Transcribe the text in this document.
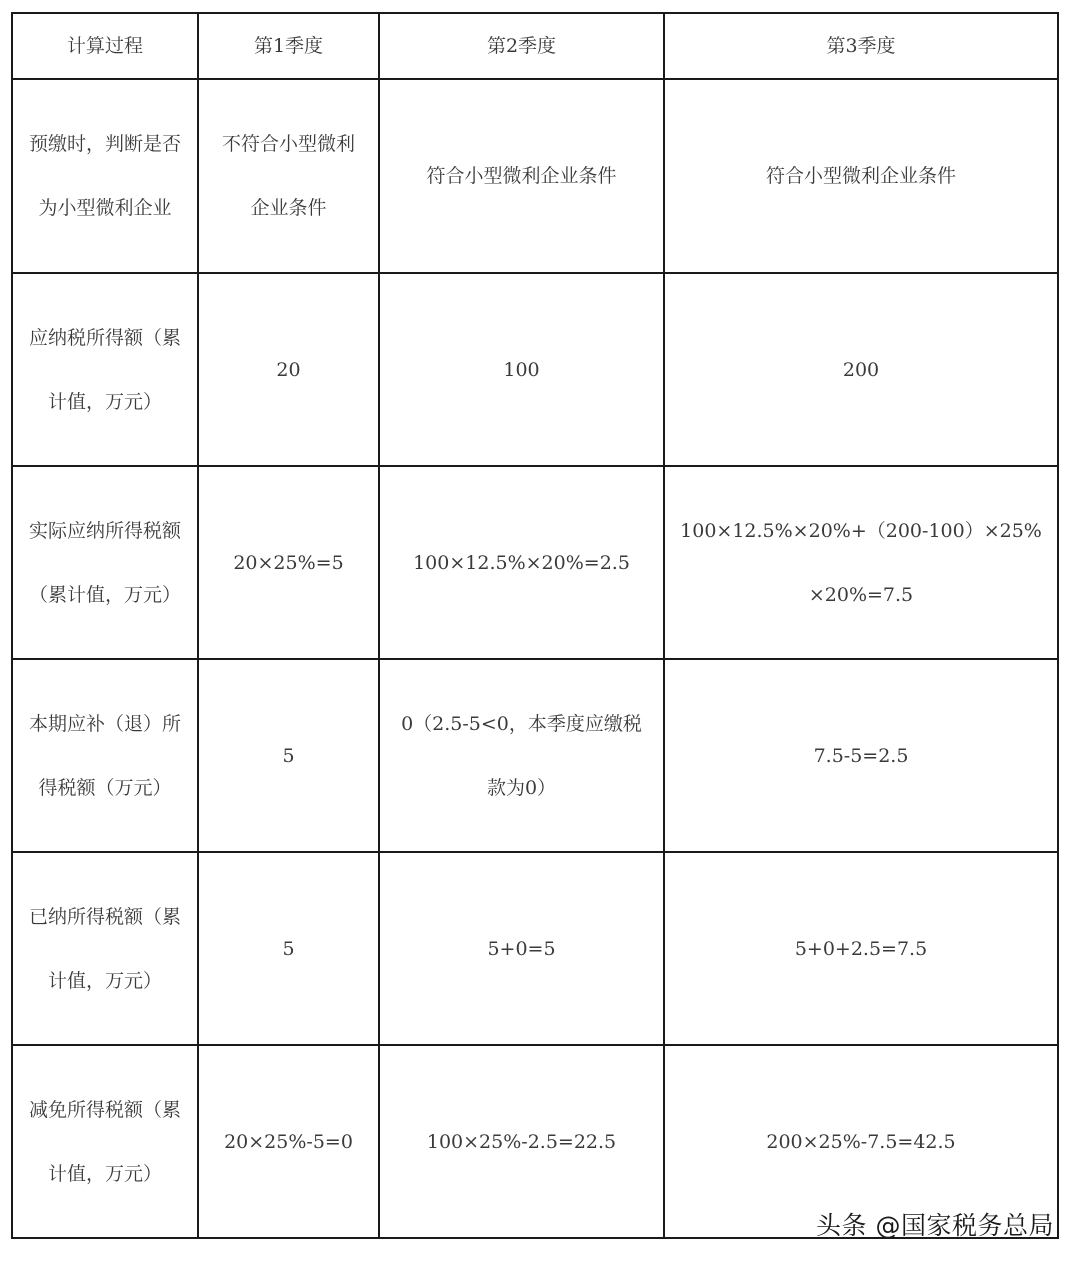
计算过程	第1季度	第2季度	第3季度
预缴时，判断是否为小型微利企业	不符合小型微利企业条件	符合小型微利企业条件	符合小型微利企业条件
应纳税所得额（累计值，万元）	20	100	200
实际应纳所得税额（累计值，万元）	20×25%=5	100×12.5%×20%=2.5	100×12.5%×20%+（200-100）×25%×20%=7.5
本期应补（退）所得税额（万元）	5	0（2.5-5<0，本季度应缴税款为0）	7.5-5=2.5
已纳所得税额（累计值，万元）	5	5+0=5	5+0+2.5=7.5
减免所得税额（累计值，万元）	20×25%-5=0	100×25%-2.5=22.5	200×25%-7.5=42.5
头条 @国家税务总局
